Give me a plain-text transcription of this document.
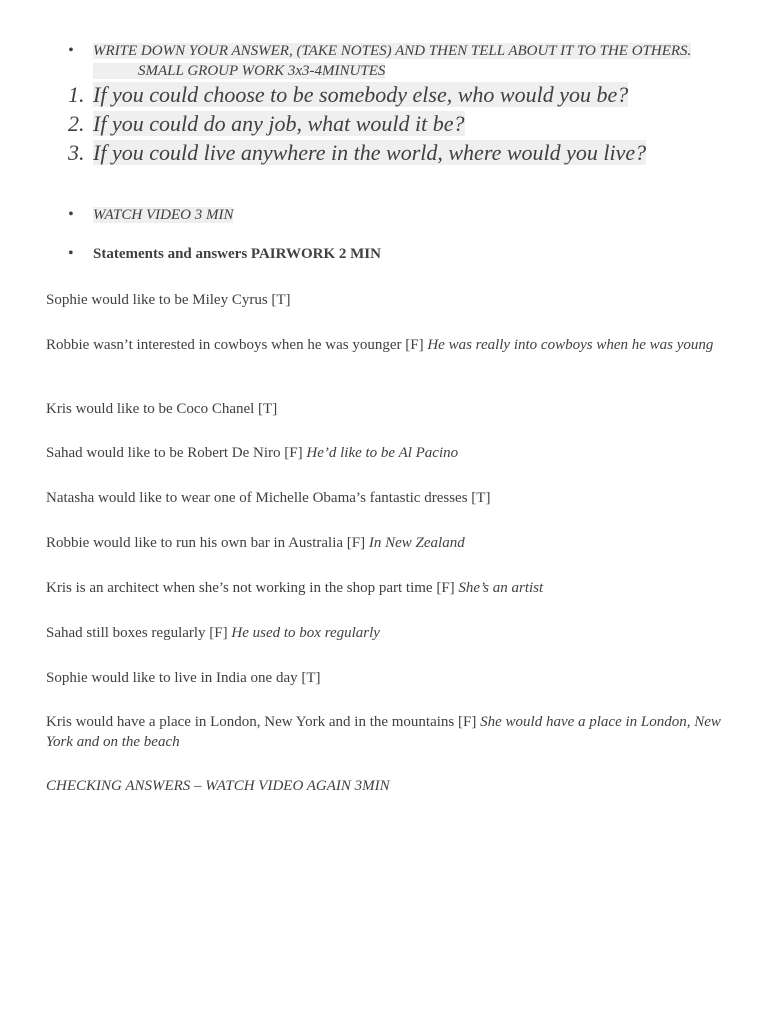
• WRITE DOWN YOUR ANSWER, (TAKE NOTES) AND THEN TELL ABOUT IT TO THE OTHERS.
SMALL GROUP WORK 3x3-4MINUTES
1. If you could choose to be somebody else, who would you be?
2. If you could do any job, what would it be?
3. If you could live anywhere in the world, where would you live?
• WATCH VIDEO 3 MIN
• Statements and answers PAIRWORK 2 MIN
Sophie would like to be Miley Cyrus [T]
Robbie wasn’t interested in cowboys when he was younger [F] He was really into cowboys when he was young
Kris would like to be Coco Chanel [T]
Sahad would like to be Robert De Niro [F] He’d like to be Al Pacino
Natasha would like to wear one of Michelle Obama’s fantastic dresses [T]
Robbie would like to run his own bar in Australia [F] In New Zealand
Kris is an architect when she’s not working in the shop part time [F] She’s an artist
Sahad still boxes regularly [F] He used to box regularly
Sophie would like to live in India one day [T]
Kris would have a place in London, New York and in the mountains [F] She would have a place in London, New York and on the beach
CHECKING ANSWERS – WATCH VIDEO AGAIN 3MIN
